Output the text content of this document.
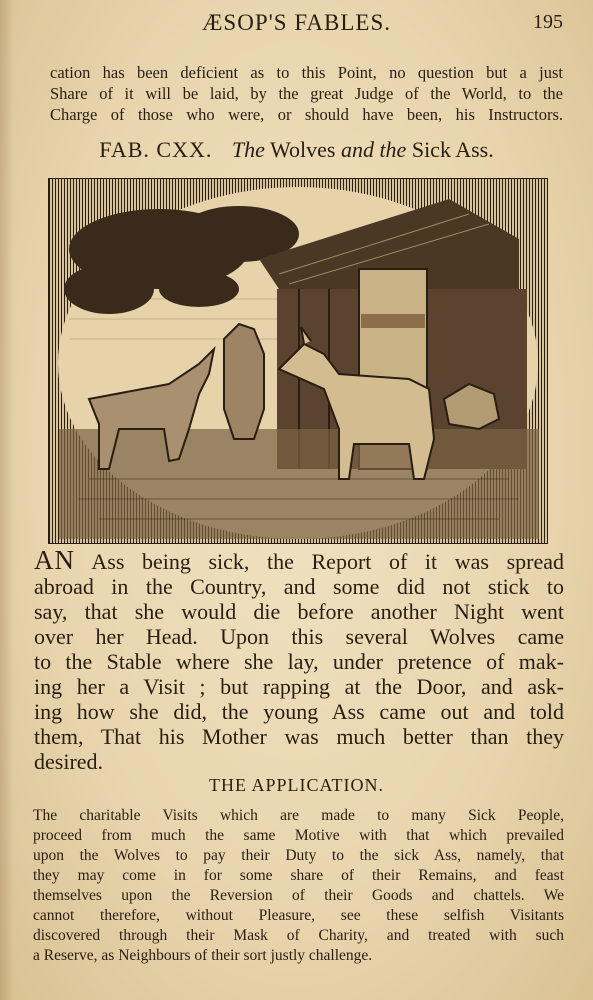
ÆSOP'S FABLES.	195
cation has been deficient as to this Point, no question but a just
Share of it will be laid, by the great Judge of the World, to the
Charge of those who were, or should have been, his Instructors.
FAB. CXX. The Wolves and the Sick Ass.
AN Ass being sick, the Report of it was spread
abroad in the Country, and some did not stick to
say, that she would die before another Night went
over her Head. Upon this several Wolves came
to the Stable where she lay, under pretence of mak-
ing her a Visit ; but rapping at the Door, and ask-
ing how she did, the young Ass came out and told
them, That his Mother was much better than they
desired.
THE APPLICATION.
The charitable Visits which are made to many Sick People,
proceed from much the same Motive with that which prevailed
upon the Wolves to pay their Duty to the sick Ass, namely, that
they may come in for some share of their Remains, and feast
themselves upon the Reversion of their Goods and chattels. We
cannot therefore, without Pleasure, see these selfish Visitants
discovered through their Mask of Charity, and treated with such
a Reserve, as Neighbours of their sort justly challenge.
